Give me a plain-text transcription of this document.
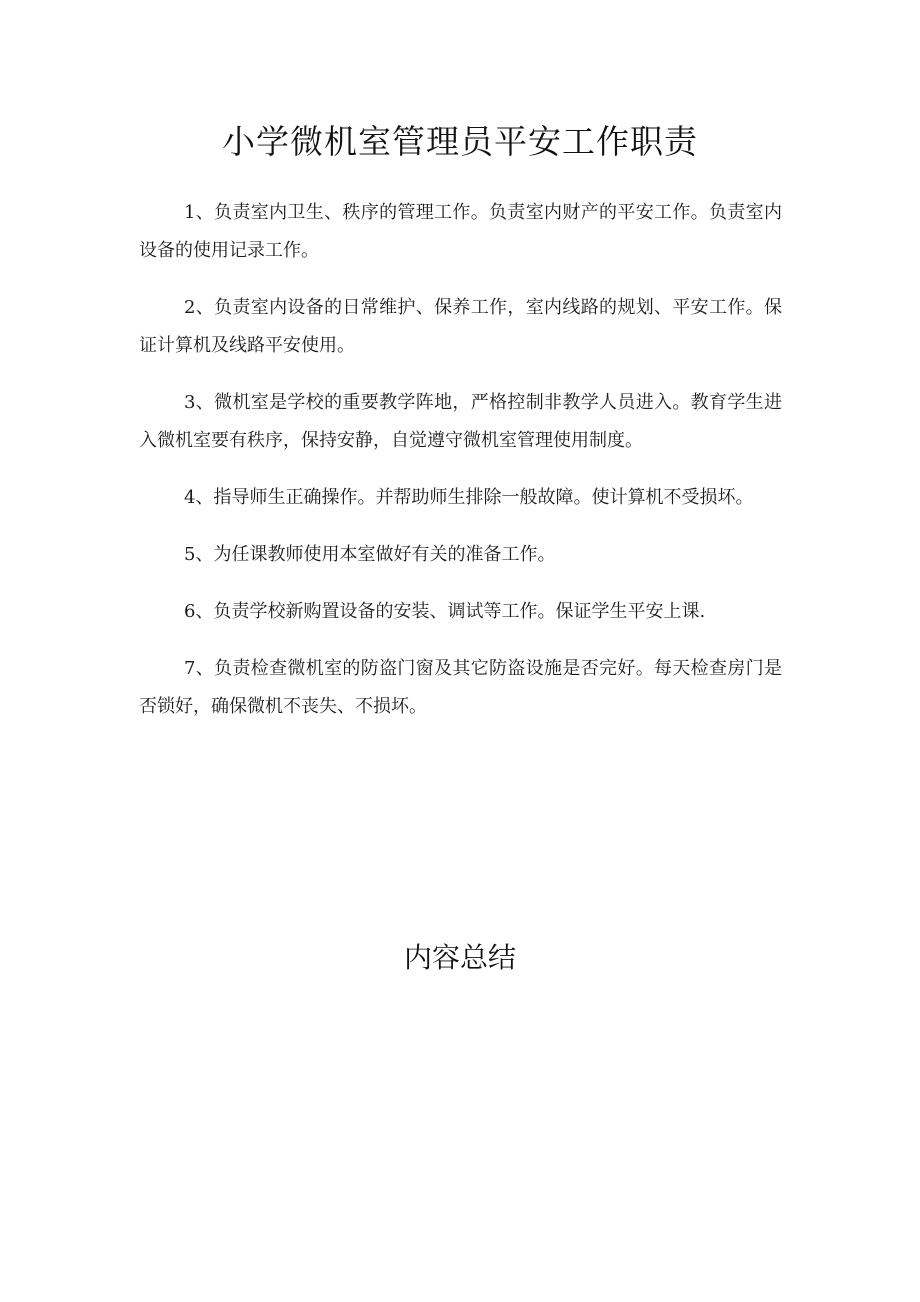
小学微机室管理员平安工作职责

1、负责室内卫生、秩序的管理工作。负责室内财产的平安工作。负责室内设备的使用记录工作。

2、负责室内设备的日常维护、保养工作，室内线路的规划、平安工作。保证计算机及线路平安使用。

3、微机室是学校的重要教学阵地，严格控制非教学人员进入。教育学生进入微机室要有秩序，保持安静，自觉遵守微机室管理使用制度。

4、指导师生正确操作。并帮助师生排除一般故障。使计算机不受损坏。

5、为任课教师使用本室做好有关的准备工作。

6、负责学校新购置设备的安装、调试等工作。保证学生平安上课.

7、负责检查微机室的防盗门窗及其它防盗设施是否完好。每天检查房门是否锁好，确保微机不丧失、不损坏。

内容总结
